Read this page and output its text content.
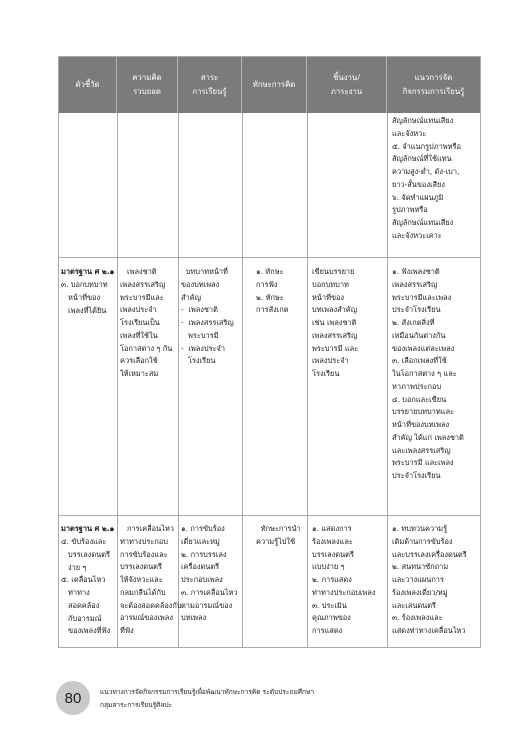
ตัวชี้วัด
ความคิด
รวบยอด
สาระ
การเรียนรู้
ทักษะการคิด
ชิ้นงาน/
ภาระงาน
แนวการจัด
กิจกรรมการเรียนรู้
สัญลักษณ์แทนเสียง
และจังหวะ
๕. จำแนกรูปภาพหรือ
สัญลักษณ์ที่ใช้แทน
ความสูง-ต่ำ, ดัง-เบา,
ยาว-สั้นของเสียง
๖. จัดทำแผนภูมิ
รูปภาพหรือ
สัญลักษณ์แทนเสียง
และจังหวะเคาะ
มาตรฐาน ศ ๒.๑
๓. บอกบทบาท
หน้าที่ของ
เพลงที่ได้ยิน
เพลงชาติ
เพลงสรรเสริญ
พระบารมีและ
เพลงประจำ
โรงเรียนเป็น
เพลงที่ใช้ใน
โอกาสต่าง ๆ กัน
ควรเลือกใช้
ให้เหมาะสม
บทบาทหน้าที่
ของบทเพลง
สำคัญ
-  เพลงชาติ
-  เพลงสรรเสริญ
พระบารมี
-  เพลงประจำ
โรงเรียน
๑. ทักษะ
การฟัง
๒. ทักษะ
การสังเกต
เขียนบรรยาย
บอกบทบาท
หน้าที่ของ
บทเพลงสำคัญ
เช่น เพลงชาติ
เพลงสรรเสริญ
พระบารมี และ
เพลงประจำ
โรงเรียน
๑. ฟังเพลงชาติ
เพลงสรรเสริญ
พระบารมีและเพลง
ประจำโรงเรียน
๒. สังเกตสิ่งที่
เหมือนกันต่างกัน
ของเพลงแต่ละเพลง
๓. เลือกเพลงที่ใช้
ในโอกาสต่าง ๆ และ
หาภาพประกอบ
๔. บอกและเขียน
บรรยายบทบาทและ
หน้าที่ของบทเพลง
สำคัญ ได้แก่ เพลงชาติ
และเพลงสรรเสริญ
พระบารมี และเพลง
ประจำโรงเรียน
มาตรฐาน ศ ๒.๑
๔. ขับร้องและ
บรรเลงดนตรี
ง่าย ๆ
๕. เคลื่อนไหว
ท่าทาง
สอดคล้อง
กับอารมณ์
ของเพลงที่ฟัง
การเคลื่อนไหว
ท่าทางประกอบ
การขับร้องและ
บรรเลงดนตรี
ให้จังหวะและ
กลมกลืนได้กับ
จะต้องสอดคล้องกับ
อารมณ์ของเพลง
ที่ฟัง
๑. การขับร้อง
เดี่ยวและหมู่
๒. การบรรเลง
เครื่องดนตรี
ประกอบเพลง
๓. การเคลื่อนไหว
ตามอารมณ์ของ
บทเพลง
ทักษะการนำ
ความรู้ไปใช้
๑. แสดงการ
ร้องเพลงและ
บรรเลงดนตรี
แบบง่าย ๆ
๒. การแสดง
ท่าทางประกอบเพลง
๓. ประเมิน
คุณภาพของ
การแสดง
๑. ทบทวนความรู้
เดิมด้านการขับร้อง
และบรรเลงเครื่องดนตรี
๒. สนทนาซักถาม
และวางแผนการ
ร้องเพลงเดี่ยว/หมู่
และเล่นดนตรี
๓. ร้องเพลงและ
แสดงท่าทางเคลื่อนไหว
80	แนวทางการจัดกิจกรรมการเรียนรู้เพื่อพัฒนาทักษะการคิด ระดับประถมศึกษา
กลุ่มสาระการเรียนรู้ศิลปะ
